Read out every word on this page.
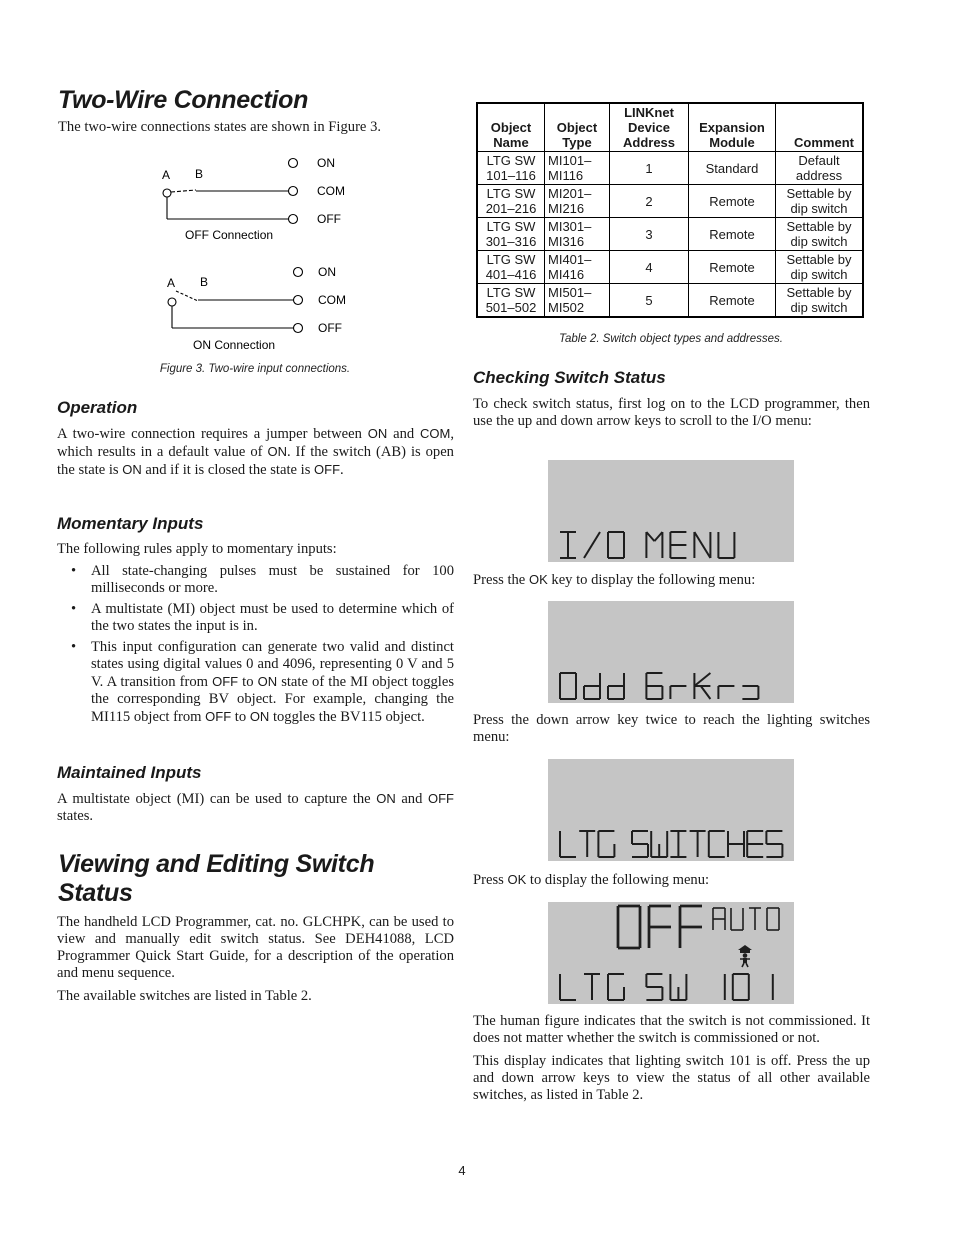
Two-Wire Connection

The two-wire connections states are shown in Figure 3.

A B
ON
COM
OFF
OFF Connection
A B
ON
COM
OFF
ON Connection
Figure 3. Two-wire input connections.
Operation

A two-wire connection requires a jumper between ON and COM, which results in a default value of ON. If the switch (AB) is open the state is ON and if it is closed the state is OFF.

Momentary Inputs

The following rules apply to momentary inputs:

• All state-changing pulses must be sustained for 100 milliseconds or more.
• A multistate (MI) object must be used to determine which of the two states the input is in.
• This input configuration can generate two valid and distinct states using digital values 0 and 4096, representing 0 V and 5 V. A transition from OFF to ON state of the MI object toggles the corresponding BV object. For example, changing the MI115 object from OFF to ON toggles the BV115 object.
Maintained Inputs

A multistate object (MI) can be used to capture the ON and OFF states.

Viewing and Editing Switch
Status

The handheld LCD Programmer, cat. no. GLCHPK, can be used to view and manually edit switch status. See DEH41088, LCD Programmer Quick Start Guide, for a description of the operation and menu sequence.

The available switches are listed in Table 2.

Object Name	Object Type	LINKnet Device Address	Expansion Module	Comment
LTG SW 101–116	MI101– MI116	1	Standard	Default address
LTG SW 201–216	MI201– MI216	2	Remote	Settable by dip switch
LTG SW 301–316	MI301– MI316	3	Remote	Settable by dip switch
LTG SW 401–416	MI401– MI416	4	Remote	Settable by dip switch
LTG SW 501–502	MI501– MI502	5	Remote	Settable by dip switch
Table 2. Switch object types and addresses.
Checking Switch Status

To check switch status, first log on to the LCD programmer, then use the up and down arrow keys to scroll to the I/O menu:

Press the OK key to display the following menu:

Press the down arrow key twice to reach the lighting switches menu:

Press OK to display the following menu:

The human figure indicates that the switch is not commissioned. It does not matter whether the switch is commissioned or not.

This display indicates that lighting switch 101 is off. Press the up and down arrow keys to view the status of all other available switches, as listed in Table 2.

4
